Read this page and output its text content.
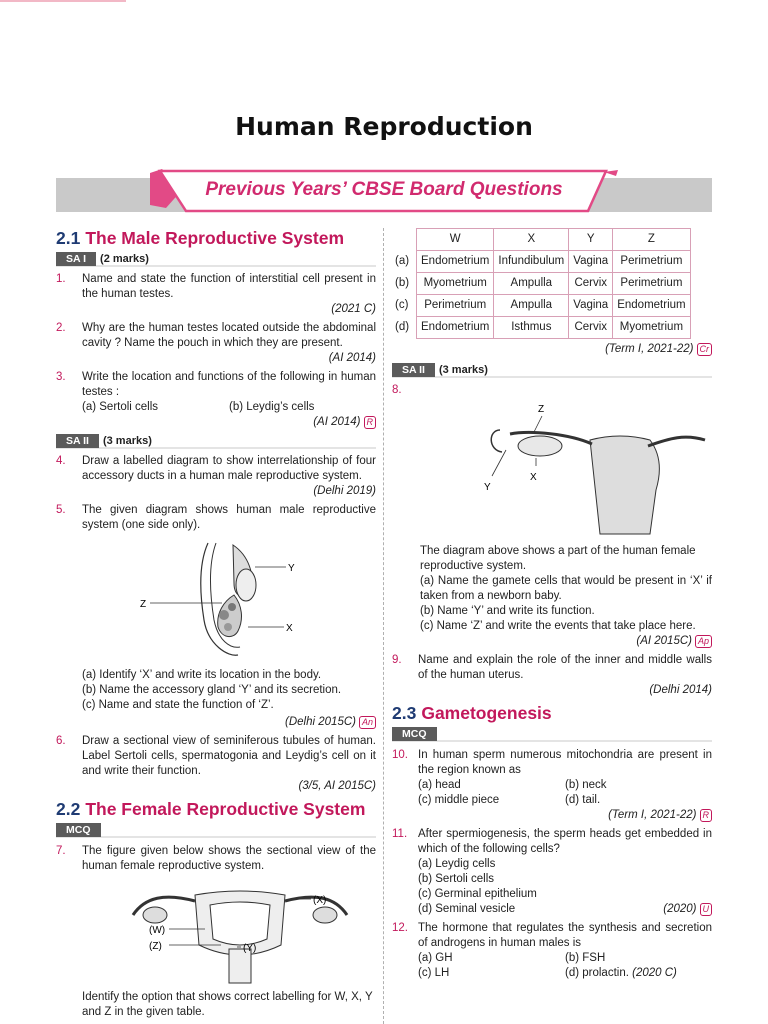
Human Reproduction
Previous Years’ CBSE Board Questions
2.1 The Male Reproductive System
SA I (2 marks)
1.	Name and state the function of interstitial cell present in the human testes.
(2021 C)
2.	Why are the human testes located outside the abdominal cavity ? Name the pouch in which they are present.
(AI 2014)
3.	Write the location and functions of the following in human testes :
(a) Sertoli cells	(b) Leydig’s cells
(AI 2014) R
SA II (3 marks)
4.	Draw a labelled diagram to show interrelationship of four accessory ducts in a human male reproductive system.
(Delhi 2019)
5.	The given diagram shows human male reproductive system (one side only).
Y
Z
X
(a) Identify ‘X’ and write its location in the body.
(b) Name the accessory gland ‘Y’ and its secretion.
(c) Name and state the function of ‘Z’.
(Delhi 2015C) An
6.	Draw a sectional view of seminiferous tubules of human. Label Sertoli cells, spermatogonia and Leydig’s cell on it and write their function.
(3/5, AI 2015C)
2.2 The Female Reproductive System
MCQ
7.	The figure given below shows the sectional view of the human female reproductive system.
(X)
(W)
(Z)	(Y)
Identify the option that shows correct labelling for W, X, Y and Z in the given table.
W	X	Y	Z

(a) Endometrium	Infundibulum	Vagina	Perimetrium

(b) Myometrium	Ampulla	Cervix	Perimetrium

(c) Perimetrium	Ampulla	Vagina	Endometrium

(d) Endometrium	Isthmus	Cervix	Myometrium
(Term I, 2021-22) Cr
SA II (3 marks)
8.
Z
X
Y
The diagram above shows a part of the human female reproductive system.
(a) Name the gamete cells that would be present in ‘X’ if taken from a newborn baby.
(b) Name ‘Y’ and write its function.
(c) Name ‘Z’ and write the events that take place here.
(AI 2015C) Ap
9.	Name and explain the role of the inner and middle walls of the human uterus.
(Delhi 2014)
2.3 Gametogenesis
MCQ
10. In human sperm numerous mitochondria are present in the region known as
(a) head	(b) neck
(c) middle piece	(d) tail.
(Term I, 2021-22) R
11. After spermiogenesis, the sperm heads get embedded in which of the following cells?
(a) Leydig cells
(b) Sertoli cells
(c) Germinal epithelium
(d) Seminal vesicle	(2020) U
12. The hormone that regulates the synthesis and secretion of androgens in human males is
(a) GH	(b) FSH
(c) LH	(d) prolactin. (2020 C)
